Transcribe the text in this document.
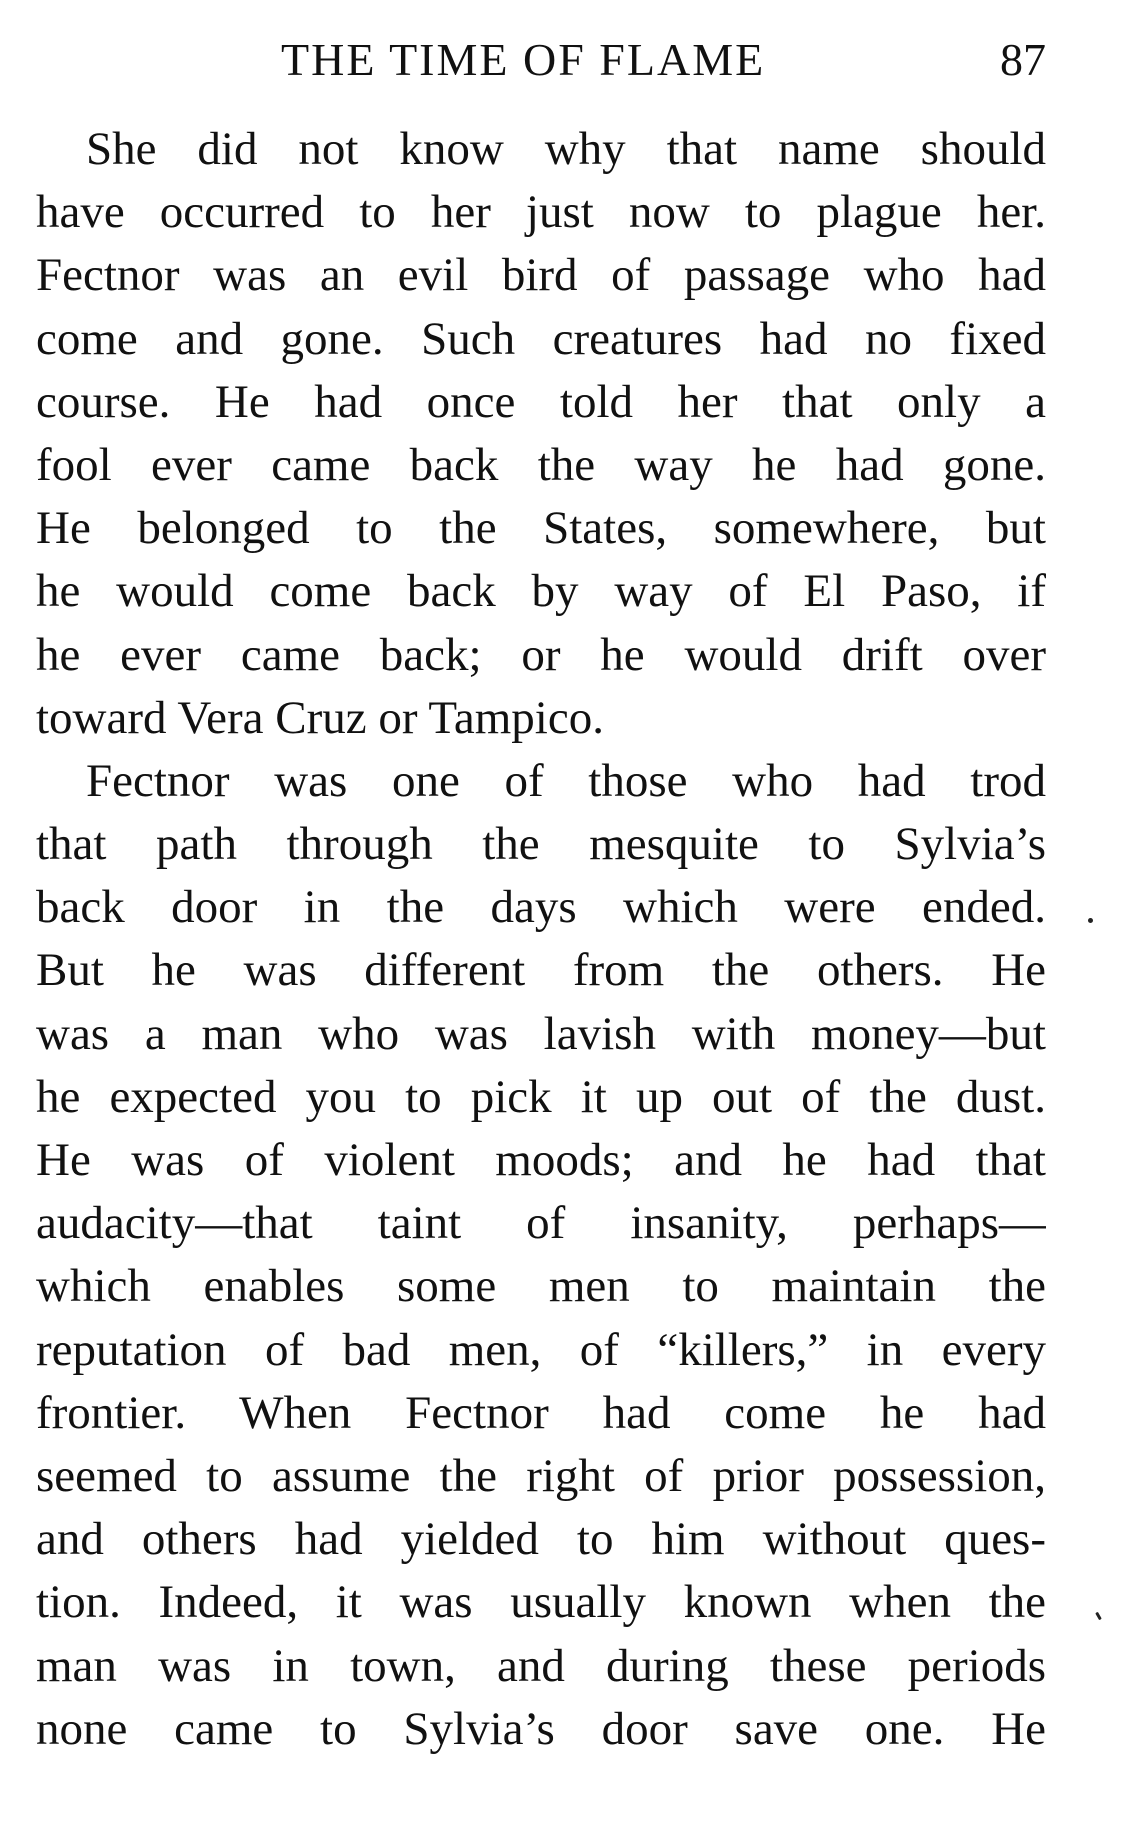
THE TIME OF FLAME	87
She did not know why that name should
have occurred to her just now to plague her.
Fectnor was an evil bird of passage who had
come and gone. Such creatures had no fixed
course. He had once told her that only a
fool ever came back the way he had gone.
He belonged to the States, somewhere, but
he would come back by way of El Paso, if
he ever came back; or he would drift over
toward Vera Cruz or Tampico.
Fectnor was one of those who had trod
that path through the mesquite to Sylvia’s
back door in the days which were ended.
But he was different from the others. He
was a man who was lavish with money—but
he expected you to pick it up out of the dust.
He was of violent moods; and he had that
audacity—that taint of insanity, perhaps—
which enables some men to maintain the
reputation of bad men, of “killers,” in every
frontier. When Fectnor had come he had
seemed to assume the right of prior possession,
and others had yielded to him without ques-
tion. Indeed, it was usually known when the
man was in town, and during these periods
none came to Sylvia’s door save one. He
